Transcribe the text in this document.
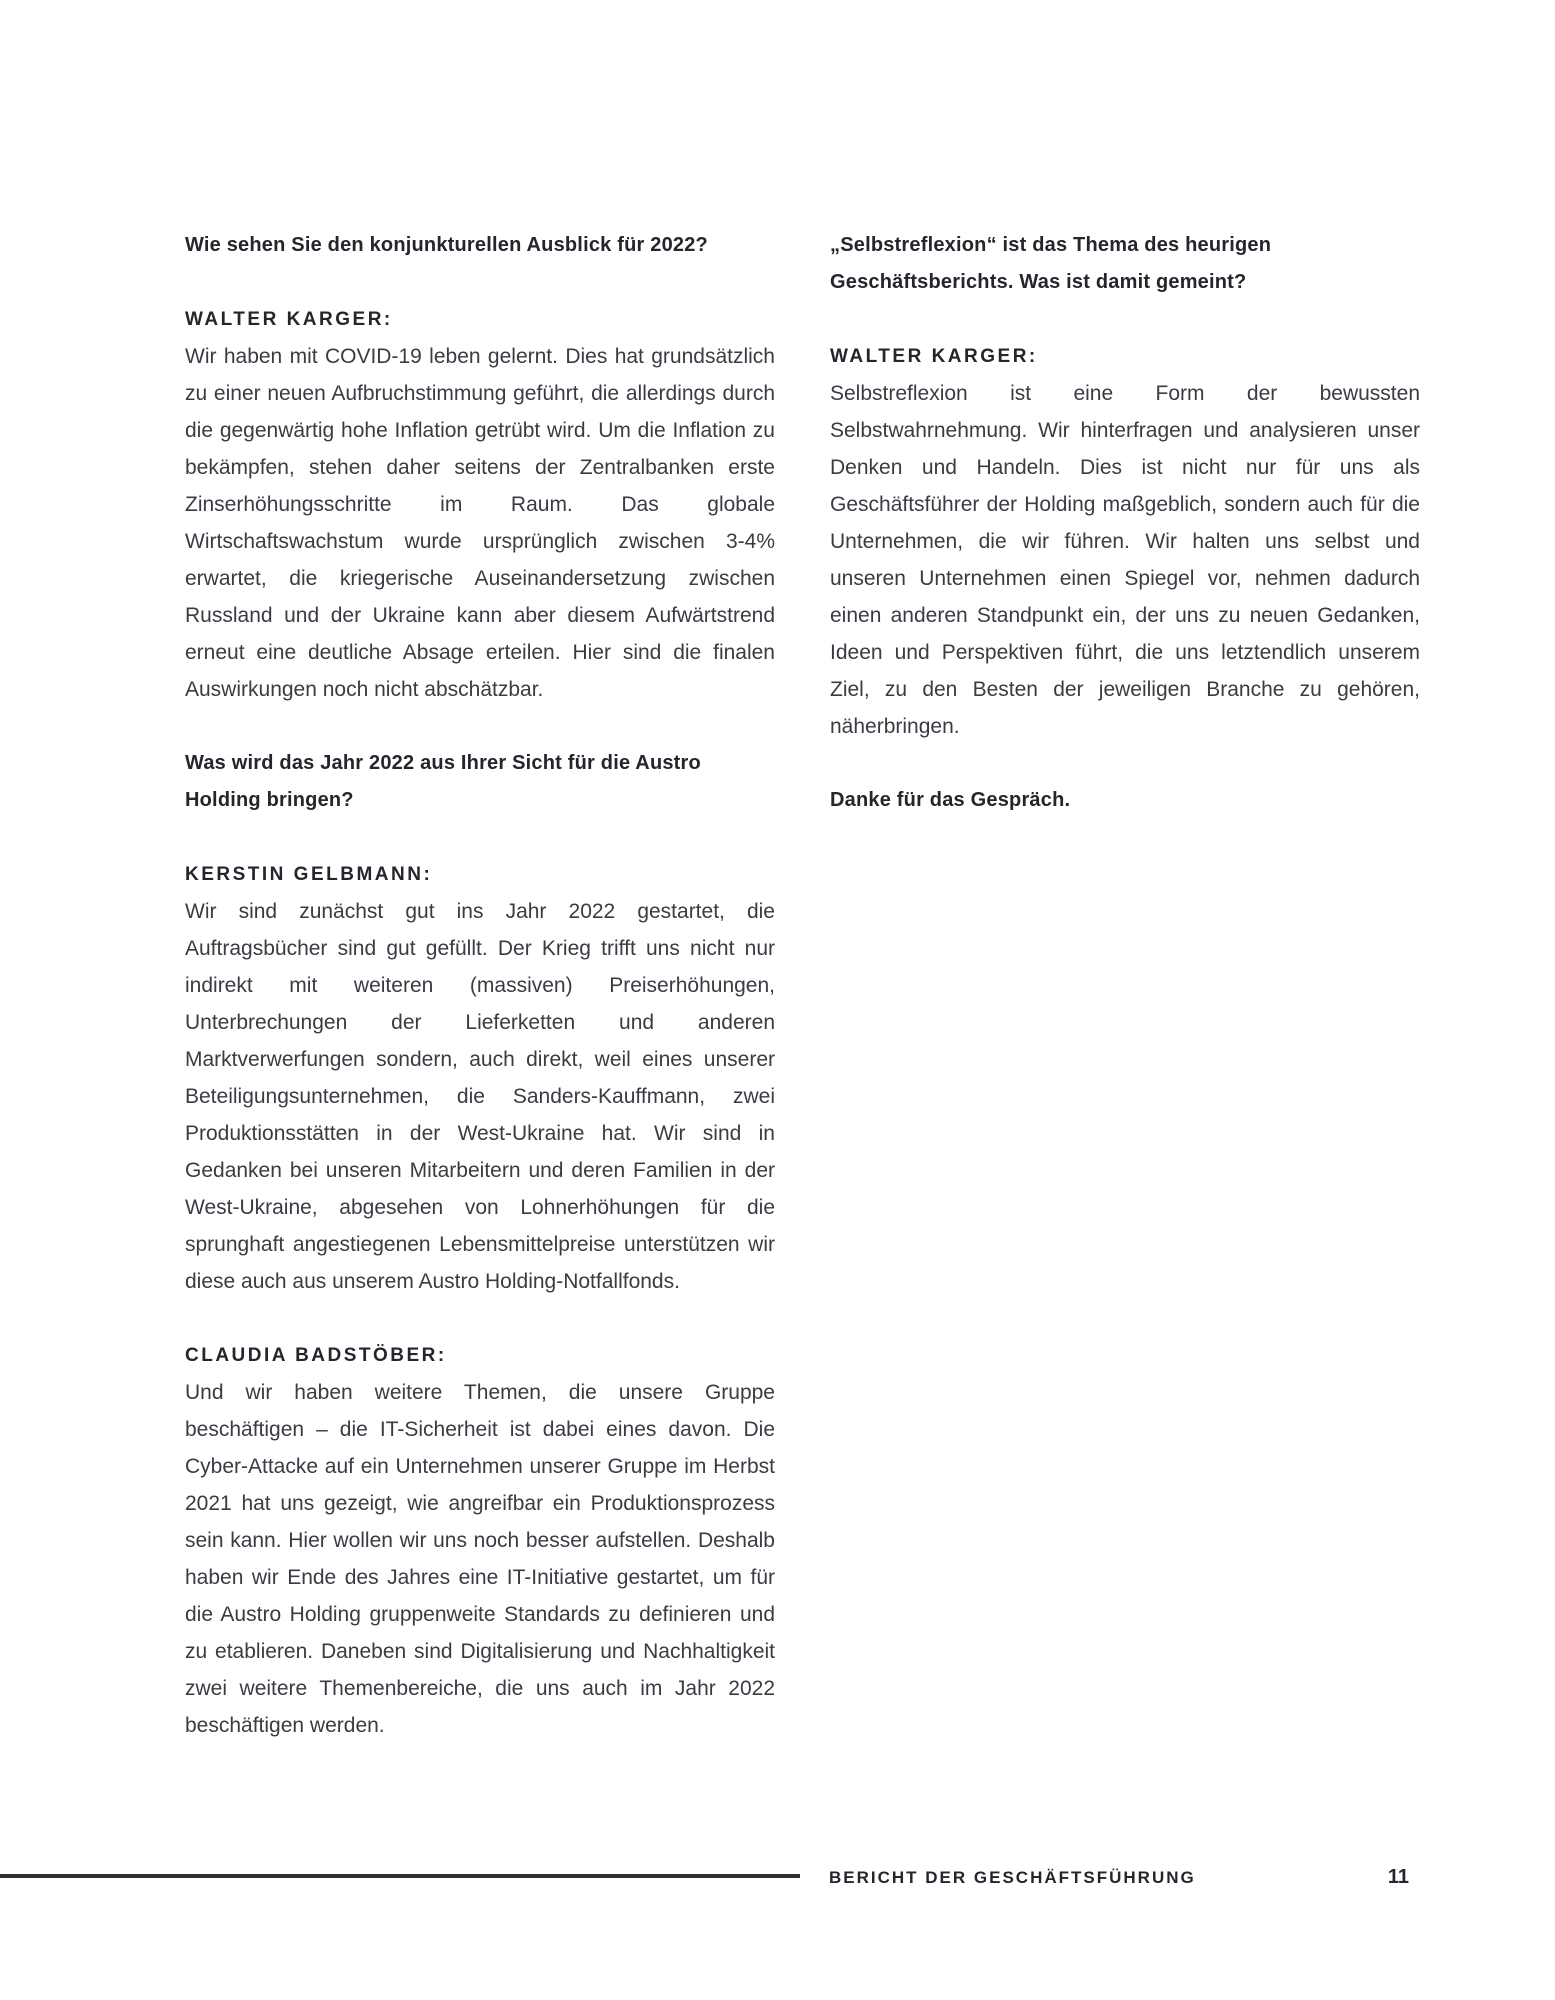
Wie sehen Sie den konjunkturellen Ausblick für 2022?

WALTER KARGER:

Wir haben mit COVID-19 leben gelernt. Dies hat grundsätzlich zu einer neuen Aufbruchstimmung geführt, die allerdings durch die gegenwärtig hohe Inflation getrübt wird. Um die Inflation zu bekämpfen, stehen daher seitens der Zentralbanken erste Zinserhöhungsschritte im Raum. Das globale Wirtschaftswachstum wurde ursprünglich zwischen 3-4% erwartet, die kriegerische Auseinandersetzung zwischen Russland und der Ukraine kann aber diesem Aufwärtstrend erneut eine deutliche Absage erteilen. Hier sind die finalen Auswirkungen noch nicht abschätzbar.

Was wird das Jahr 2022 aus Ihrer Sicht für die Austro Holding bringen?

KERSTIN GELBMANN:

Wir sind zunächst gut ins Jahr 2022 gestartet, die Auftragsbücher sind gut gefüllt. Der Krieg trifft uns nicht nur indirekt mit weiteren (massiven) Preiserhöhungen, Unterbrechungen der Lieferketten und anderen Marktverwerfungen sondern, auch direkt, weil eines unserer Beteiligungsunternehmen, die Sanders-Kauffmann, zwei Produktionsstätten in der West-Ukraine hat. Wir sind in Gedanken bei unseren Mitarbeitern und deren Familien in der West-Ukraine, abgesehen von Lohnerhöhungen für die sprunghaft angestiegenen Lebensmittelpreise unterstützen wir diese auch aus unserem Austro Holding-Notfallfonds.

CLAUDIA BADSTÖBER:

Und wir haben weitere Themen, die unsere Gruppe beschäftigen – die IT-Sicherheit ist dabei eines davon. Die Cyber-Attacke auf ein Unternehmen unserer Gruppe im Herbst 2021 hat uns gezeigt, wie angreifbar ein Produktionsprozess sein kann. Hier wollen wir uns noch besser aufstellen. Deshalb haben wir Ende des Jahres eine IT-Initiative gestartet, um für die Austro Holding gruppenweite Standards zu definieren und zu etablieren. Daneben sind Digitalisierung und Nachhaltigkeit zwei weitere Themenbereiche, die uns auch im Jahr 2022 beschäftigen werden.

„Selbstreflexion“ ist das Thema des heurigen Geschäftsberichts. Was ist damit gemeint?

WALTER KARGER:

Selbstreflexion ist eine Form der bewussten Selbstwahrnehmung. Wir hinterfragen und analysieren unser Denken und Handeln. Dies ist nicht nur für uns als Geschäftsführer der Holding maßgeblich, sondern auch für die Unternehmen, die wir führen. Wir halten uns selbst und unseren Unternehmen einen Spiegel vor, nehmen dadurch einen anderen Standpunkt ein, der uns zu neuen Gedanken, Ideen und Perspektiven führt, die uns letztendlich unserem Ziel, zu den Besten der jeweiligen Branche zu gehören, näherbringen.

Danke für das Gespräch.
BERICHT DER GESCHÄFTSFÜHRUNG	11
